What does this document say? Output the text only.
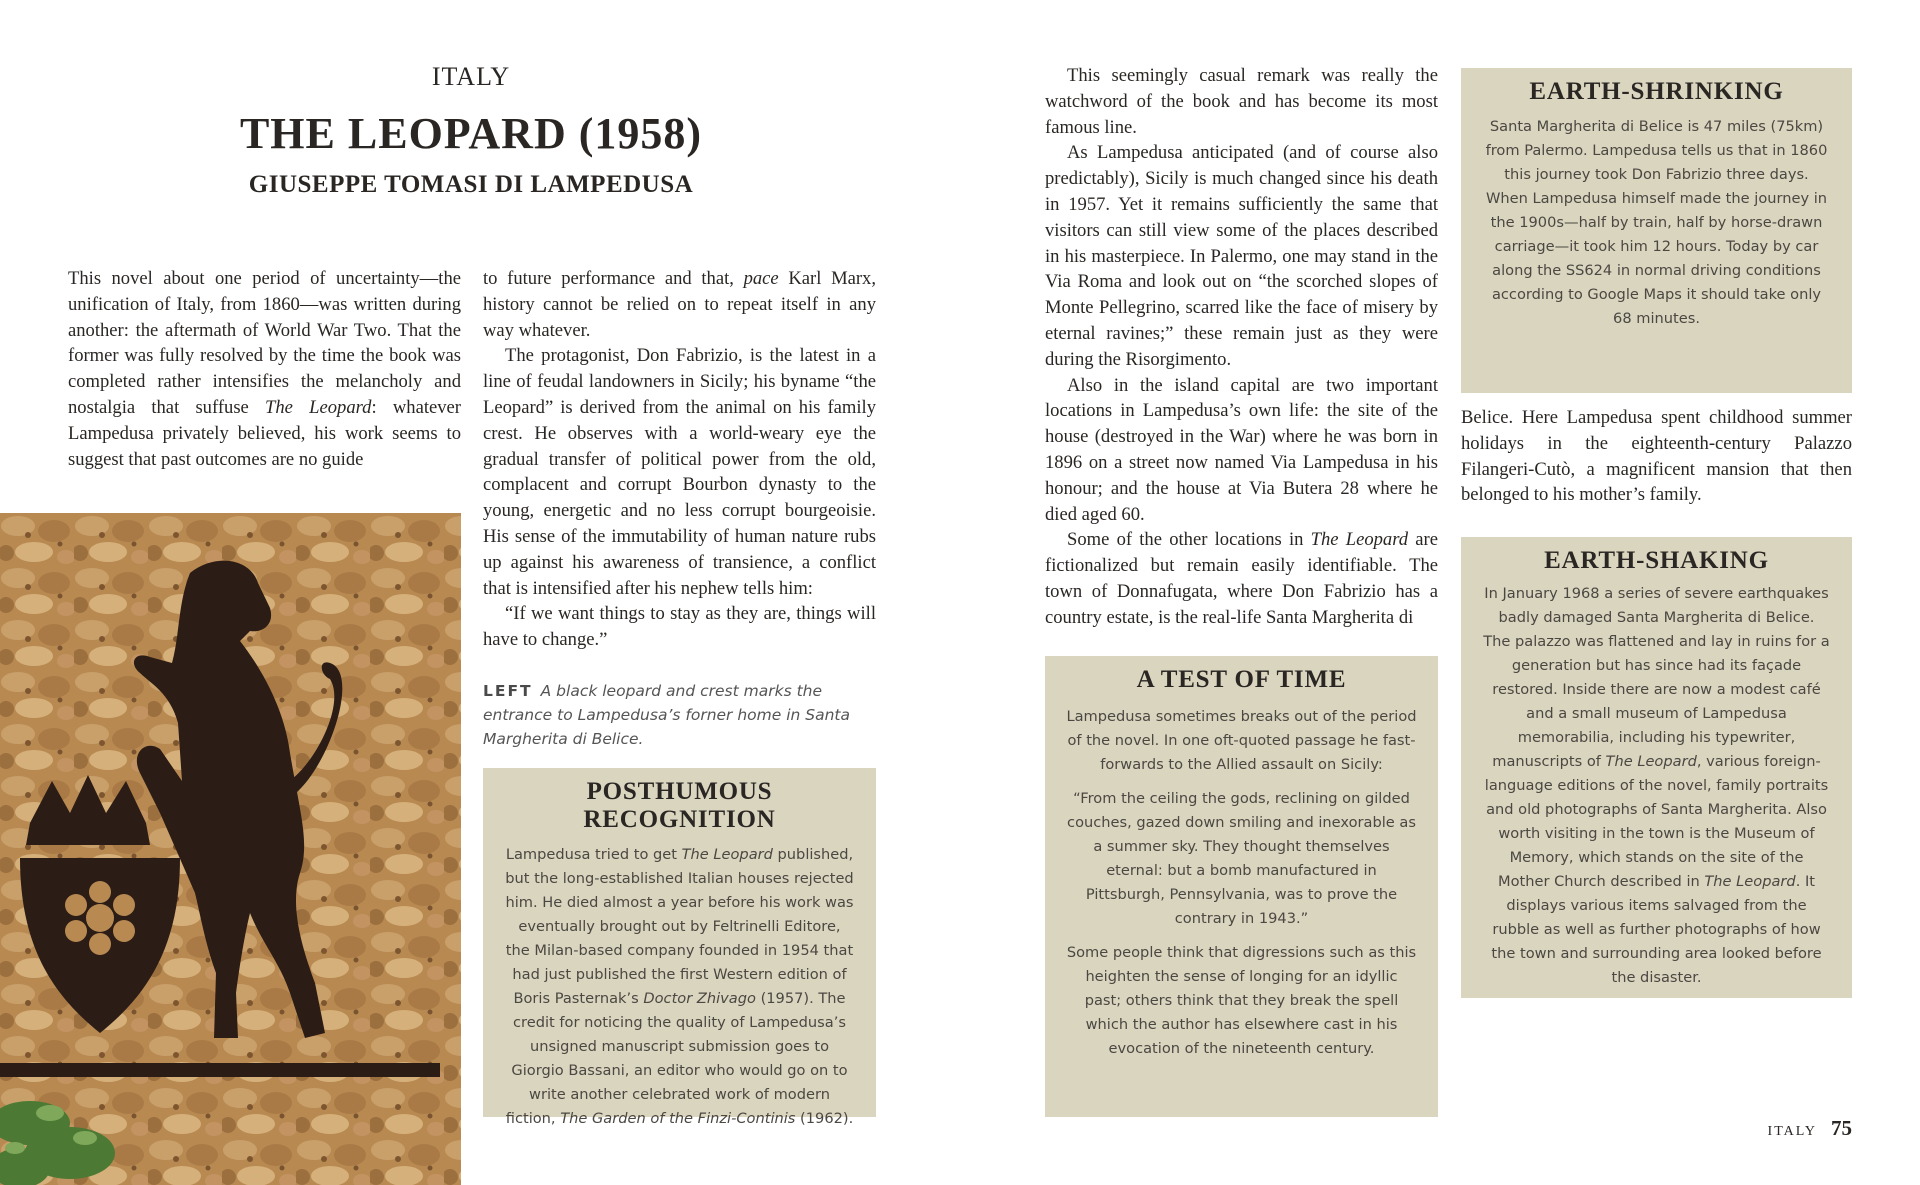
ITALY
THE LEOPARD (1958)
GIUSEPPE TOMASI DI LAMPEDUSA

This novel about one period of uncertainty—the unification of Italy, from 1860—was written during another: the aftermath of World War Two. That the former was fully resolved by the time the book was completed rather intensifies the melancholy and nostalgia that suffuse The Leopard: whatever Lampedusa privately believed, his work seems to suggest that past outcomes are no guide

to future performance and that, pace Karl Marx, history cannot be relied on to repeat itself in any way whatever.

The protagonist, Don Fabrizio, is the latest in a line of feudal landowners in Sicily; his byname “the Leopard” is derived from the animal on his family crest. He observes with a world-weary eye the gradual transfer of political power from the old, complacent and corrupt Bourbon dynasty to the young, energetic and no less corrupt bourgeoisie. His sense of the immutability of human nature rubs up against his awareness of transience, a conflict that is intensified after his nephew tells him:

“If we want things to stay as they are, things will have to change.”

This seemingly casual remark was really the watchword of the book and has become its most famous line.

As Lampedusa anticipated (and of course also predictably), Sicily is much changed since his death in 1957. Yet it remains sufficiently the same that visitors can still view some of the places described in his masterpiece. In Palermo, one may stand in the Via Roma and look out on “the scorched slopes of Monte Pellegrino, scarred like the face of misery by eternal ravines;” these remain just as they were during the Risorgimento.

Also in the island capital are two important locations in Lampedusa’s own life: the site of the house (destroyed in the War) where he was born in 1896 on a street now named Via Lampedusa in his honour; and the house at Via Butera 28 where he died aged 60.

Some of the other locations in The Leopard are fictionalized but remain easily identifiable. The town of Donnafugata, where Don Fabrizio has a country estate, is the real-life Santa Margherita di

Belice. Here Lampedusa spent childhood summer holidays in the eighteenth-century Palazzo Filangeri-Cutò, a magnificent mansion that then belonged to his mother’s family.

LEFT A black leopard and crest marks the entrance to Lampedusa’s forner home in Santa Margherita di Belice.
POSTHUMOUS RECOGNITION

Lampedusa tried to get The Leopard published, but the long-established Italian houses rejected him. He died almost a year before his work was eventually brought out by Feltrinelli Editore, the Milan-based company founded in 1954 that had just published the first Western edition of Boris Pasternak’s Doctor Zhivago (1957). The credit for noticing the quality of Lampedusa’s unsigned manuscript submission goes to Giorgio Bassani, an editor who would go on to write another celebrated work of modern fiction, The Garden of the Finzi-Continis (1962).

A TEST OF TIME

Lampedusa sometimes breaks out of the period of the novel. In one oft-quoted passage he fast-forwards to the Allied assault on Sicily:

“From the ceiling the gods, reclining on gilded couches, gazed down smiling and inexorable as a summer sky. They thought themselves eternal: but a bomb manufactured in Pittsburgh, Pennsylvania, was to prove the contrary in 1943.”

Some people think that digressions such as this heighten the sense of longing for an idyllic past; others think that they break the spell which the author has elsewhere cast in his evocation of the nineteenth century.

EARTH-SHRINKING

Santa Margherita di Belice is 47 miles (75km) from Palermo. Lampedusa tells us that in 1860 this journey took Don Fabrizio three days. When Lampedusa himself made the journey in the 1900s—half by train, half by horse-drawn carriage—it took him 12 hours. Today by car along the SS624 in normal driving conditions according to Google Maps it should take only 68 minutes.

EARTH-SHAKING

In January 1968 a series of severe earthquakes badly damaged Santa Margherita di Belice. The palazzo was flattened and lay in ruins for a generation but has since had its façade restored. Inside there are now a modest café and a small museum of Lampedusa memorabilia, including his typewriter, manuscripts of The Leopard, various foreign-language editions of the novel, family portraits and old photographs of Santa Margherita. Also worth visiting in the town is the Museum of Memory, which stands on the site of the Mother Church described in The Leopard. It displays various items salvaged from the rubble as well as further photographs of how the town and surrounding area looked before the disaster.

ITALY 75
